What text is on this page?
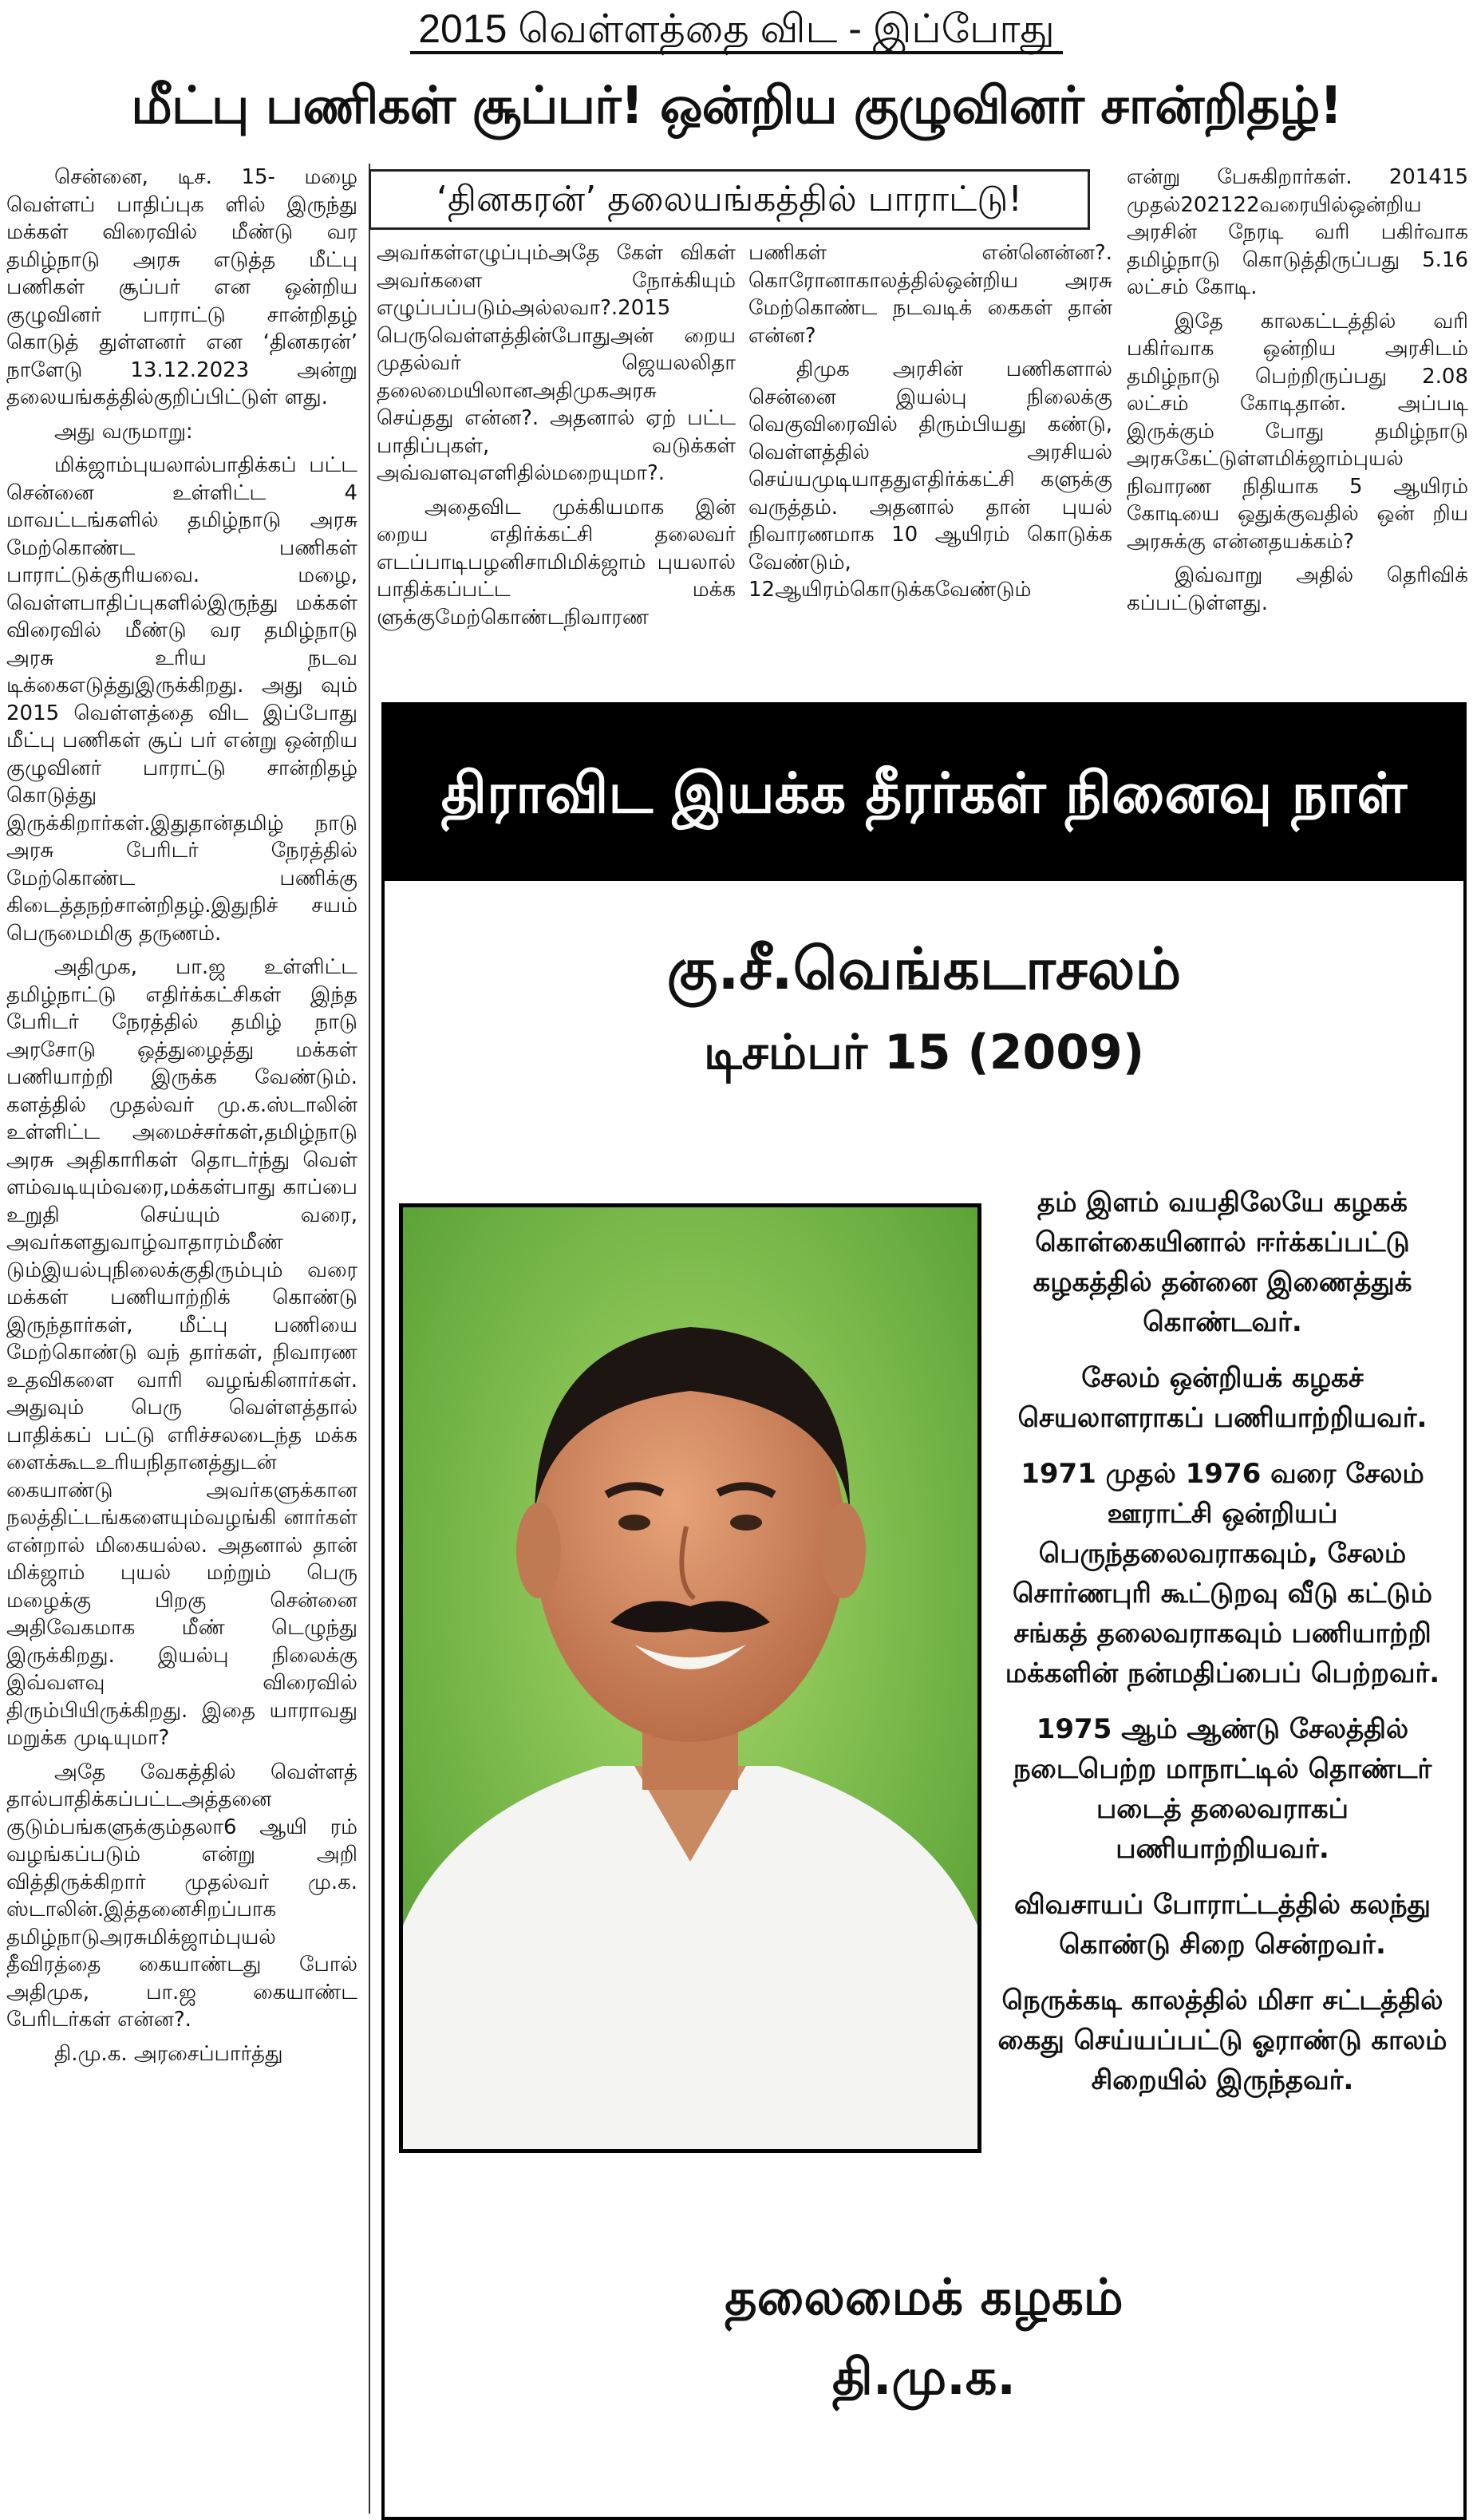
2015 வெள்ளத்தை விட - இப்போது
மீட்பு பணிகள் சூப்பர்! ஒன்றிய குழுவினர் சான்றிதழ்!

சென்னை, டிச. 15- மழை வெள்ளப் பாதிப்புக ளில் இருந்து மக்கள் விரைவில் மீண்டு வர தமிழ்நாடு அரசு எடுத்த மீட்பு பணிகள் சூப்பர் என ஒன்றிய குழுவினர் பாராட்டு சான்றிதழ் கொடுத் துள்ளனர் என ‘தினகரன்’ நாளேடு 13.12.2023 அன்று தலையங்கத்தில்குறிப்பிட்டுள் ளது.

அது வருமாறு:

மிக்ஜாம்புயலால்பாதிக்கப் பட்ட சென்னை உள்ளிட்ட 4 மாவட்டங்களில் தமிழ்நாடு அரசு மேற்கொண்ட பணிகள் பாராட்டுக்குரியவை. மழை, வெள்ளபாதிப்புகளில்இருந்து மக்கள் விரைவில் மீண்டு வர தமிழ்நாடு அரசு உரிய நடவ டிக்கைஎடுத்துஇருக்கிறது. அது வும் 2015 வெள்ளத்தை விட இப்போது மீட்பு பணிகள் சூப் பர் என்று ஒன்றிய குழுவினர் பாராட்டு சான்றிதழ் கொடுத்து இருக்கிறார்கள்.இதுதான்தமிழ் நாடு அரசு பேரிடர் நேரத்தில் மேற்கொண்ட பணிக்கு கிடைத்தநற்சான்றிதழ்.இதுநிச் சயம் பெருமைமிகு தருணம்.

அதிமுக, பா.ஜ உள்ளிட்ட தமிழ்நாட்டு எதிர்க்கட்சிகள் இந்த பேரிடர் நேரத்தில் தமிழ் நாடு அரசோடு ஒத்துழைத்து மக்கள் பணியாற்றி இருக்க வேண்டும். களத்தில் முதல்வர் மு.க.ஸ்டாலின் உள்ளிட்ட அமைச்சர்கள்,தமிழ்நாடு அரசு அதிகாரிகள் தொடர்ந்து வெள் ளம்வடியும்வரை,மக்கள்பாது காப்பை உறுதி செய்யும் வரை, அவர்களதுவாழ்வாதாரம்மீண் டும்இயல்புநிலைக்குதிரும்பும் வரை மக்கள் பணியாற்றிக் கொண்டு இருந்தார்கள், மீட்பு பணியை மேற்கொண்டு வந் தார்கள், நிவாரண உதவிகளை வாரி வழங்கினார்கள். அதுவும் பெரு வெள்ளத்தால் பாதிக்கப் பட்டு எரிச்சலடைந்த மக்க ளைக்கூடஉரியநிதானத்துடன் கையாண்டு அவர்களுக்கான நலத்திட்டங்களையும்வழங்கி னார்கள் என்றால் மிகையல்ல. அதனால் தான் மிக்ஜாம் புயல் மற்றும் பெரு மழைக்கு பிறகு சென்னை அதிவேகமாக மீண் டெழுந்து இருக்கிறது. இயல்பு நிலைக்கு இவ்வளவு விரைவில் திரும்பியிருக்கிறது. இதை யாராவது மறுக்க முடியுமா?

அதே வேகத்தில் வெள்ளத் தால்பாதிக்கப்பட்டஅத்தனை குடும்பங்களுக்கும்தலா6 ஆயி ரம் வழங்கப்படும் என்று அறி வித்திருக்கிறார் முதல்வர் மு.க. ஸ்டாலின்.இத்தனைசிறப்பாக தமிழ்நாடுஅரசுமிக்ஜாம்புயல் தீவிரத்தை கையாண்டது போல் அதிமுக, பா.ஜ கையாண்ட பேரிடர்கள் என்ன?.

தி.மு.க. அரசைப்பார்த்து

‘தினகரன்’ தலையங்கத்தில் பாராட்டு!

அவர்கள்எழுப்பும்அதே கேள் விகள் அவர்களை நோக்கியும் எழுப்பப்படும்அல்லவா?.2015 பெருவெள்ளத்தின்போதுஅன் றைய முதல்வர் ஜெயலலிதா தலைமையிலானஅதிமுகஅரசு செய்தது என்ன?. அதனால் ஏற் பட்ட பாதிப்புகள், வடுக்கள் அவ்வளவுஎளிதில்மறையுமா?.

அதைவிட முக்கியமாக இன் றைய எதிர்க்கட்சி தலைவர் எடப்பாடிபழனிசாமிமிக்ஜாம் புயலால் பாதிக்கப்பட்ட மக்க ளுக்குமேற்கொண்டநிவாரண

பணிகள் என்னென்ன?. கொரோனாகாலத்தில்ஒன்றிய அரசு மேற்கொண்ட நடவடிக் கைகள் தான் என்ன?

திமுக அரசின் பணிகளால் சென்னை இயல்பு நிலைக்கு வெகுவிரைவில் திரும்பியது கண்டு, வெள்ளத்தில் அரசியல் செய்யமுடியாததுஎதிர்க்கட்சி களுக்கு வருத்தம். அதனால் தான் புயல் நிவாரணமாக 10 ஆயிரம் கொடுக்க வேண்டும், 12ஆயிரம்கொடுக்கவேண்டும்

என்று பேசுகிறார்கள். 201415 முதல்202122வரையில்ஒன்றிய அரசின் நேரடி வரி பகிர்வாக தமிழ்நாடு கொடுத்திருப்பது 5.16 லட்சம் கோடி.

இதே காலகட்டத்தில் வரி பகிர்வாக ஒன்றிய அரசிடம் தமிழ்நாடு பெற்றிருப்பது 2.08 லட்சம் கோடிதான். அப்படி இருக்கும் போது தமிழ்நாடு அரசுகேட்டுள்ளமிக்ஜாம்புயல் நிவாரண நிதியாக 5 ஆயிரம் கோடியை ஒதுக்குவதில் ஒன் றிய அரசுக்கு என்னதயக்கம்?

இவ்வாறு அதில் தெரிவிக் கப்பட்டுள்ளது.

திராவிட இயக்க தீரர்கள் நினைவு நாள்
கு.சீ.வெங்கடாசலம்
டிசம்பர் 15 (2009)

தம் இளம் வயதிலேயே கழகக் கொள்கையினால் ஈர்க்கப்பட்டு கழகத்தில் தன்னை இணைத்துக் கொண்டவர்.

சேலம் ஒன்றியக் கழகச் செயலாளராகப் பணியாற்றியவர்.

1971 முதல் 1976 வரை சேலம் ஊராட்சி ஒன்றியப் பெருந்தலைவராகவும், சேலம் சொர்ணபுரி கூட்டுறவு வீடு கட்டும் சங்கத் தலைவராகவும் பணியாற்றி மக்களின் நன்மதிப்பைப் பெற்றவர்.

1975 ஆம் ஆண்டு சேலத்தில் நடைபெற்ற மாநாட்டில் தொண்டர் படைத் தலைவராகப் பணியாற்றியவர்.

விவசாயப் போராட்டத்தில் கலந்து கொண்டு சிறை சென்றவர்.

நெருக்கடி காலத்தில் மிசா சட்டத்தில் கைது செய்யப்பட்டு ஓராண்டு காலம் சிறையில் இருந்தவர்.

தலைமைக் கழகம்
தி.மு.க.
